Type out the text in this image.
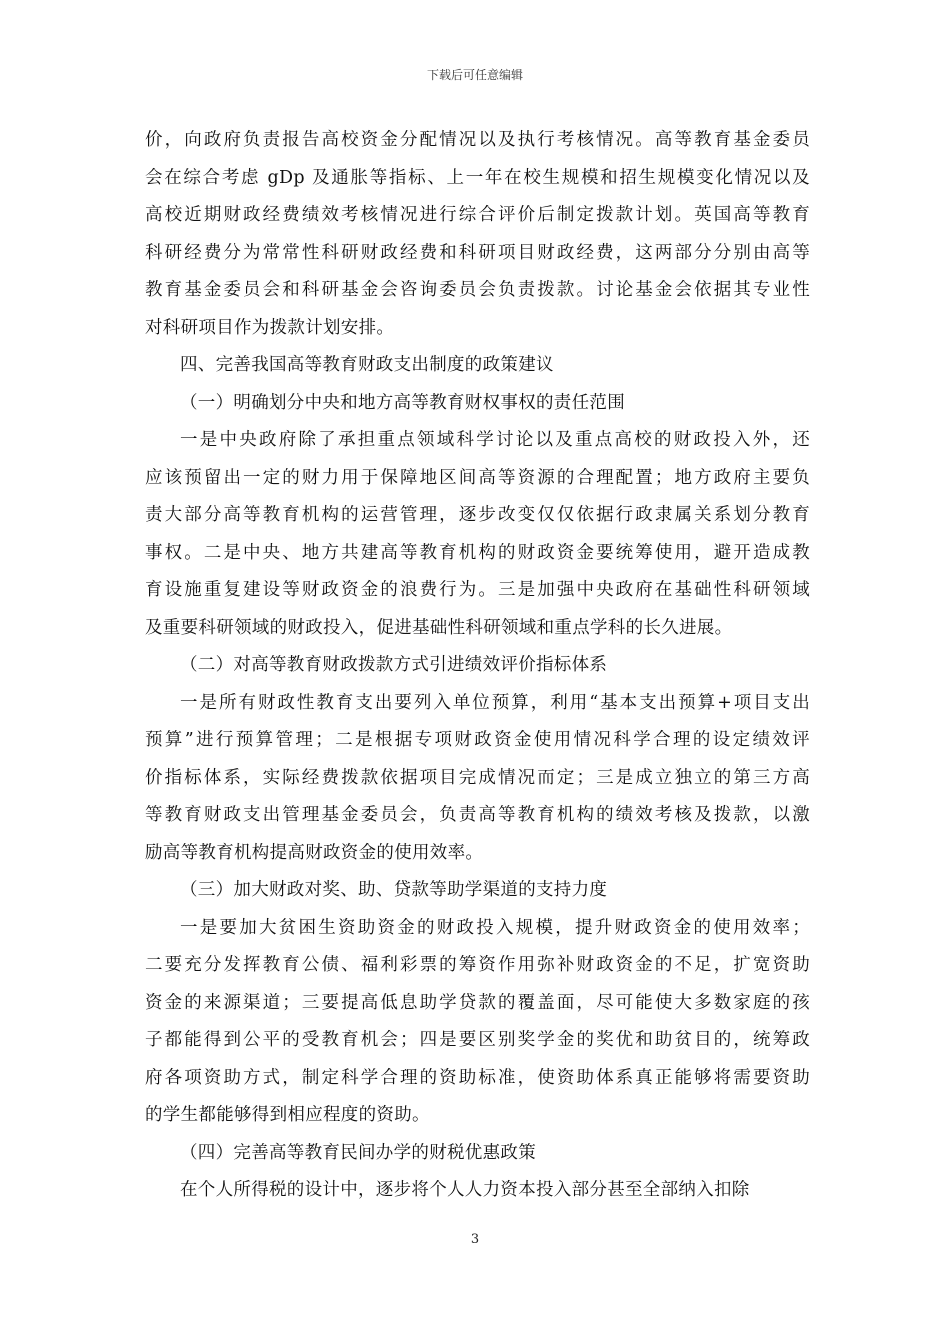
下载后可任意编辑
价，向政府负责报告高校资金分配情况以及执行考核情况。高等教育基金委员
会在综合考虑 gDp 及通胀等指标、上一年在校生规模和招生规模变化情况以及
高校近期财政经费绩效考核情况进行综合评价后制定拨款计划。英国高等教育
科研经费分为常常性科研财政经费和科研项目财政经费，这两部分分别由高等
教育基金委员会和科研基金会咨询委员会负责拨款。讨论基金会依据其专业性
对科研项目作为拨款计划安排。
四、完善我国高等教育财政支出制度的政策建议
（一）明确划分中央和地方高等教育财权事权的责任范围
一是中央政府除了承担重点领域科学讨论以及重点高校的财政投入外，还
应该预留出一定的财力用于保障地区间高等资源的合理配置；地方政府主要负
责大部分高等教育机构的运营管理，逐步改变仅仅依据行政隶属关系划分教育
事权。二是中央、地方共建高等教育机构的财政资金要统筹使用，避开造成教
育设施重复建设等财政资金的浪费行为。三是加强中央政府在基础性科研领域
及重要科研领域的财政投入，促进基础性科研领域和重点学科的长久进展。
（二）对高等教育财政拨款方式引进绩效评价指标体系
一是所有财政性教育支出要列入单位预算，利用“基本支出预算+项目支出
预算”进行预算管理；二是根据专项财政资金使用情况科学合理的设定绩效评
价指标体系，实际经费拨款依据项目完成情况而定；三是成立独立的第三方高
等教育财政支出管理基金委员会，负责高等教育机构的绩效考核及拨款，以激
励高等教育机构提高财政资金的使用效率。
（三）加大财政对奖、助、贷款等助学渠道的支持力度
一是要加大贫困生资助资金的财政投入规模，提升财政资金的使用效率；
二要充分发挥教育公债、福利彩票的筹资作用弥补财政资金的不足，扩宽资助
资金的来源渠道；三要提高低息助学贷款的覆盖面，尽可能使大多数家庭的孩
子都能得到公平的受教育机会；四是要区别奖学金的奖优和助贫目的，统筹政
府各项资助方式，制定科学合理的资助标准，使资助体系真正能够将需要资助
的学生都能够得到相应程度的资助。
（四）完善高等教育民间办学的财税优惠政策
在个人所得税的设计中，逐步将个人人力资本投入部分甚至全部纳入扣除
3
